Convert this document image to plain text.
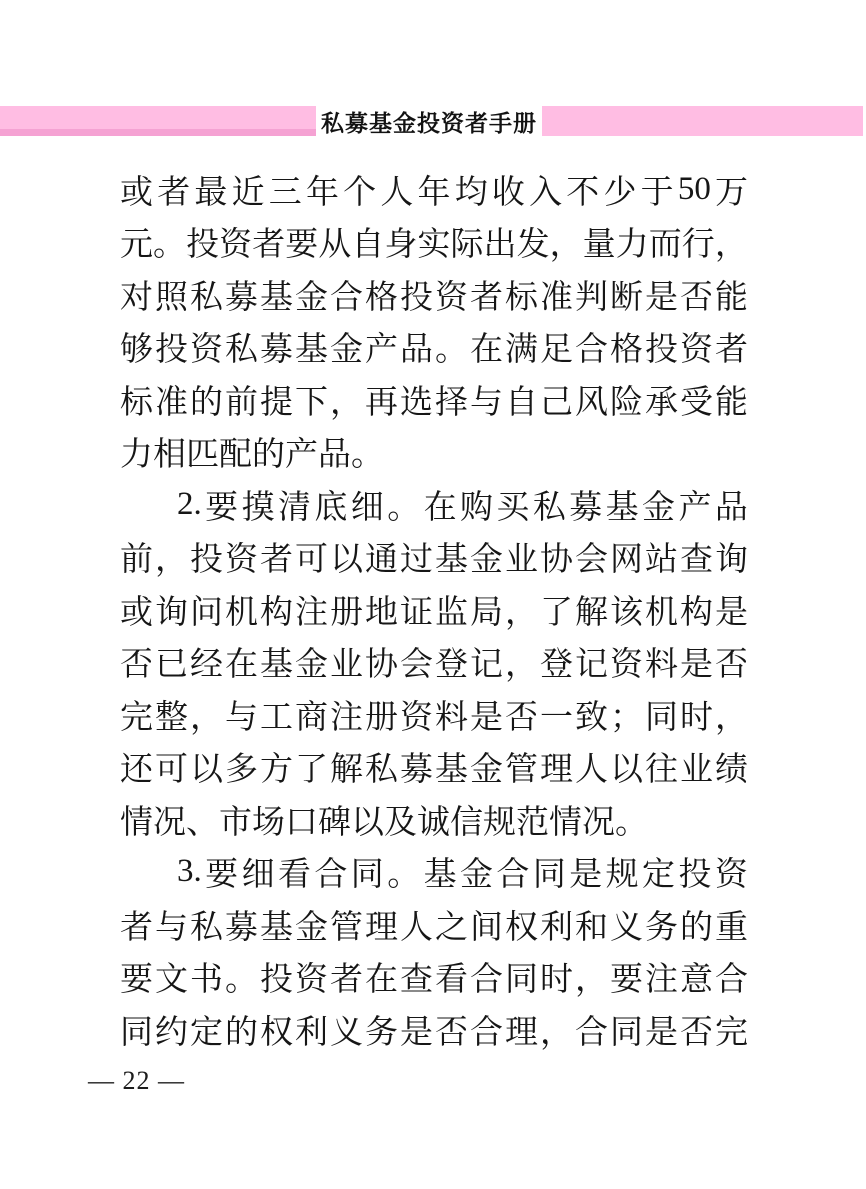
私募基金投资者手册
或 者 最 近 三 年 个 人 年 均 收 入 不 少 于 50 万
元 。 投 资 者 要 从 自 身 实 际 出 发 ， 量 力 而 行 ，
对 照 私 募 基 金 合 格 投 资 者 标 准 判 断 是 否 能
够 投 资 私 募 基 金 产 品 。 在 满 足 合 格 投 资 者
标 准 的 前 提 下 ， 再 选 择 与 自 己 风 险 承 受 能
力 相 匹 配 的 产 品 。
2. 要 摸 清 底 细 。 在 购 买 私 募 基 金 产 品
前 ， 投 资 者 可 以 通 过 基 金 业 协 会 网 站 查 询
或 询 问 机 构 注 册 地 证 监 局 ， 了 解 该 机 构 是
否 已 经 在 基 金 业 协 会 登 记 ， 登 记 资 料 是 否
完 整 ， 与 工 商 注 册 资 料 是 否 一 致 ； 同 时 ，
还 可 以 多 方 了 解 私 募 基 金 管 理 人 以 往 业 绩
情 况 、 市 场 口 碑 以 及 诚 信 规 范 情 况 。
3. 要 细 看 合 同 。 基 金 合 同 是 规 定 投 资
者 与 私 募 基 金 管 理 人 之 间 权 利 和 义 务 的 重
要 文 书 。 投 资 者 在 查 看 合 同 时 ， 要 注 意 合
同 约 定 的 权 利 义 务 是 否 合 理 ， 合 同 是 否 完
— 22 —
